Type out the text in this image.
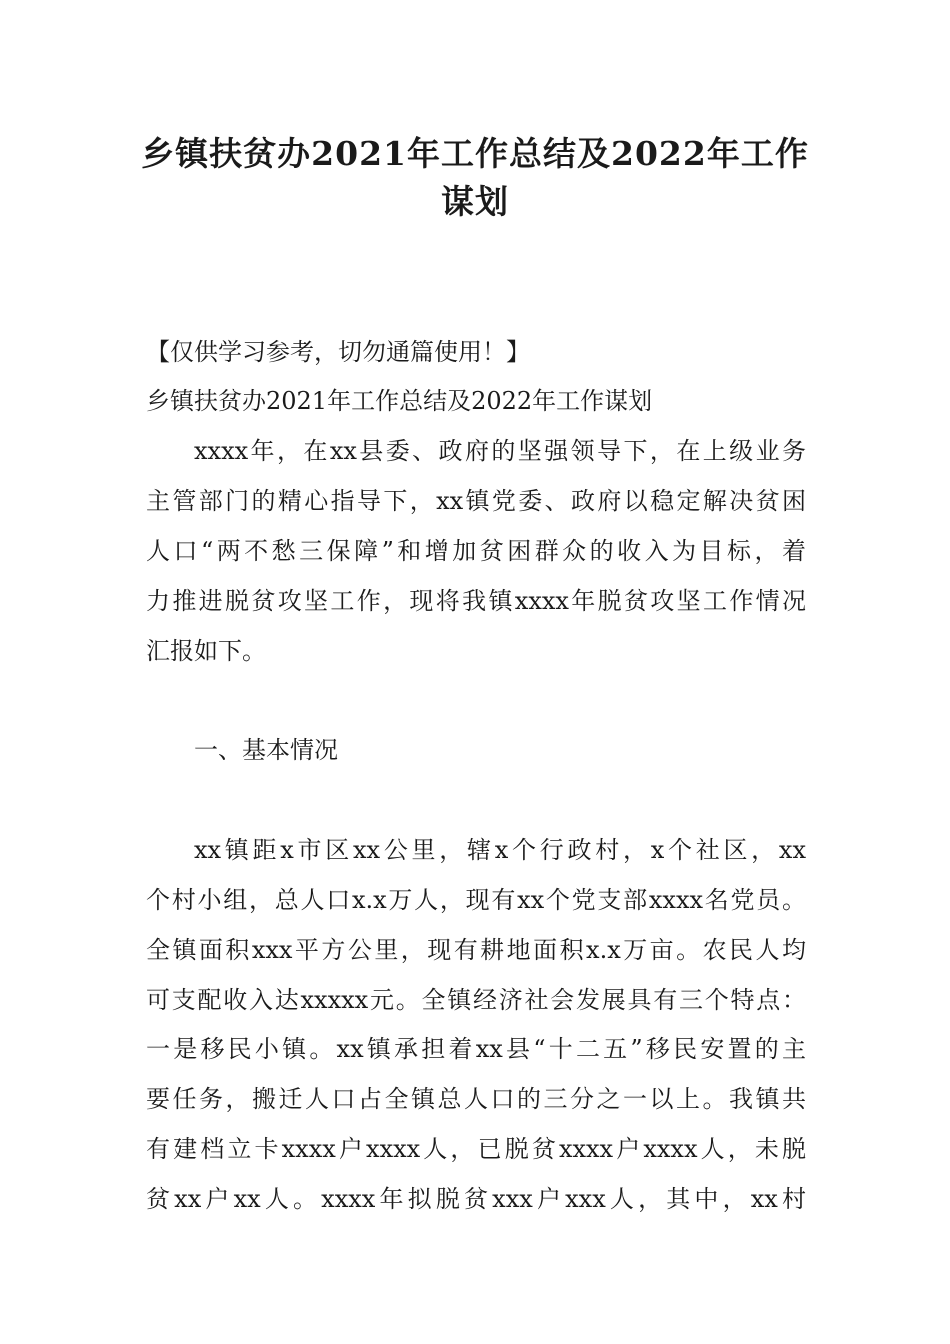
乡镇扶贫办2021年工作总结及2022年工作
谋划

【仅供学习参考，切勿通篇使用！】

乡镇扶贫办2021年工作总结及2022年工作谋划

xxxx年，在xx县委、政府的坚强领导下，在上级业务

主管部门的精心指导下，xx镇党委、政府以稳定解决贫困

人口“两不愁三保障”和增加贫困群众的收入为目标，着

力推进脱贫攻坚工作，现将我镇xxxx年脱贫攻坚工作情况

汇报如下。

一、基本情况

xx镇距x市区xx公里，辖x个行政村，x个社区，xx

个村小组，总人口x.x万人，现有xx个党支部xxxx名党员。

全镇面积xxx平方公里，现有耕地面积x.x万亩。农民人均

可支配收入达xxxxx元。全镇经济社会发展具有三个特点：

一是移民小镇。xx镇承担着xx县“十二五”移民安置的主

要任务，搬迁人口占全镇总人口的三分之一以上。我镇共

有建档立卡xxxx户xxxx人，已脱贫xxxx户xxxx人，未脱

贫xx户xx人。xxxx年拟脱贫xxx户xxx人，其中，xx村
